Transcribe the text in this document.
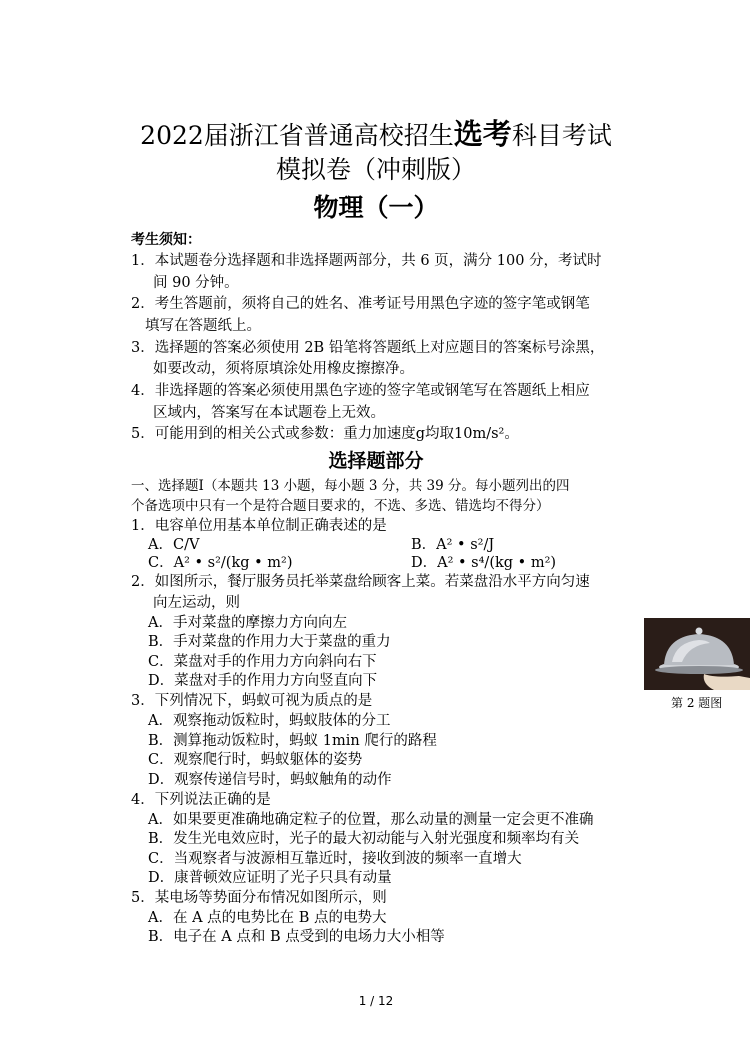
2022届浙江省普通高校招生选考科目考试
模拟卷（冲刺版）
物理（一）
考生须知：
1．本试题卷分选择题和非选择题两部分，共 6 页，满分 100 分，考试时
间 90 分钟。
2．考生答题前，须将自己的姓名、准考证号用黑色字迹的签字笔或钢笔
填写在答题纸上。
3．选择题的答案必须使用 2B 铅笔将答题纸上对应题目的答案标号涂黑，
如要改动，须将原填涂处用橡皮擦擦净。
4．非选择题的答案必须使用黑色字迹的签字笔或钢笔写在答题纸上相应
区域内，答案写在本试题卷上无效。
5．可能用到的相关公式或参数：重力加速度g均取10m/s²。
选择题部分
一、选择题Ⅰ（本题共 13 小题，每小题 3 分，共 39 分。每小题列出的四
个备选项中只有一个是符合题目要求的，不选、多选、错选均不得分）
1．电容单位用基本单位制正确表述的是
A．C/V	B．A² • s²/J
C．A² • s²/(kg • m²)	D．A² • s⁴/(kg • m²)
2．如图所示，餐厅服务员托举菜盘给顾客上菜。若菜盘沿水平方向匀速
向左运动，则
A．手对菜盘的摩擦力方向向左
B．手对菜盘的作用力大于菜盘的重力
C．菜盘对手的作用力方向斜向右下
D．菜盘对手的作用力方向竖直向下
第 2 题图
3．下列情况下，蚂蚁可视为质点的是
A．观察拖动饭粒时，蚂蚁肢体的分工
B．测算拖动饭粒时，蚂蚁 1min 爬行的路程
C．观察爬行时，蚂蚁躯体的姿势
D．观察传递信号时，蚂蚁触角的动作
4．下列说法正确的是
A．如果要更准确地确定粒子的位置，那么动量的测量一定会更不准确
B．发生光电效应时，光子的最大初动能与入射光强度和频率均有关
C．当观察者与波源相互靠近时，接收到波的频率一直增大
D．康普顿效应证明了光子只具有动量
5．某电场等势面分布情况如图所示，则
A．在 A 点的电势比在 B 点的电势大
B．电子在 A 点和 B 点受到的电场力大小相等
1 / 12
